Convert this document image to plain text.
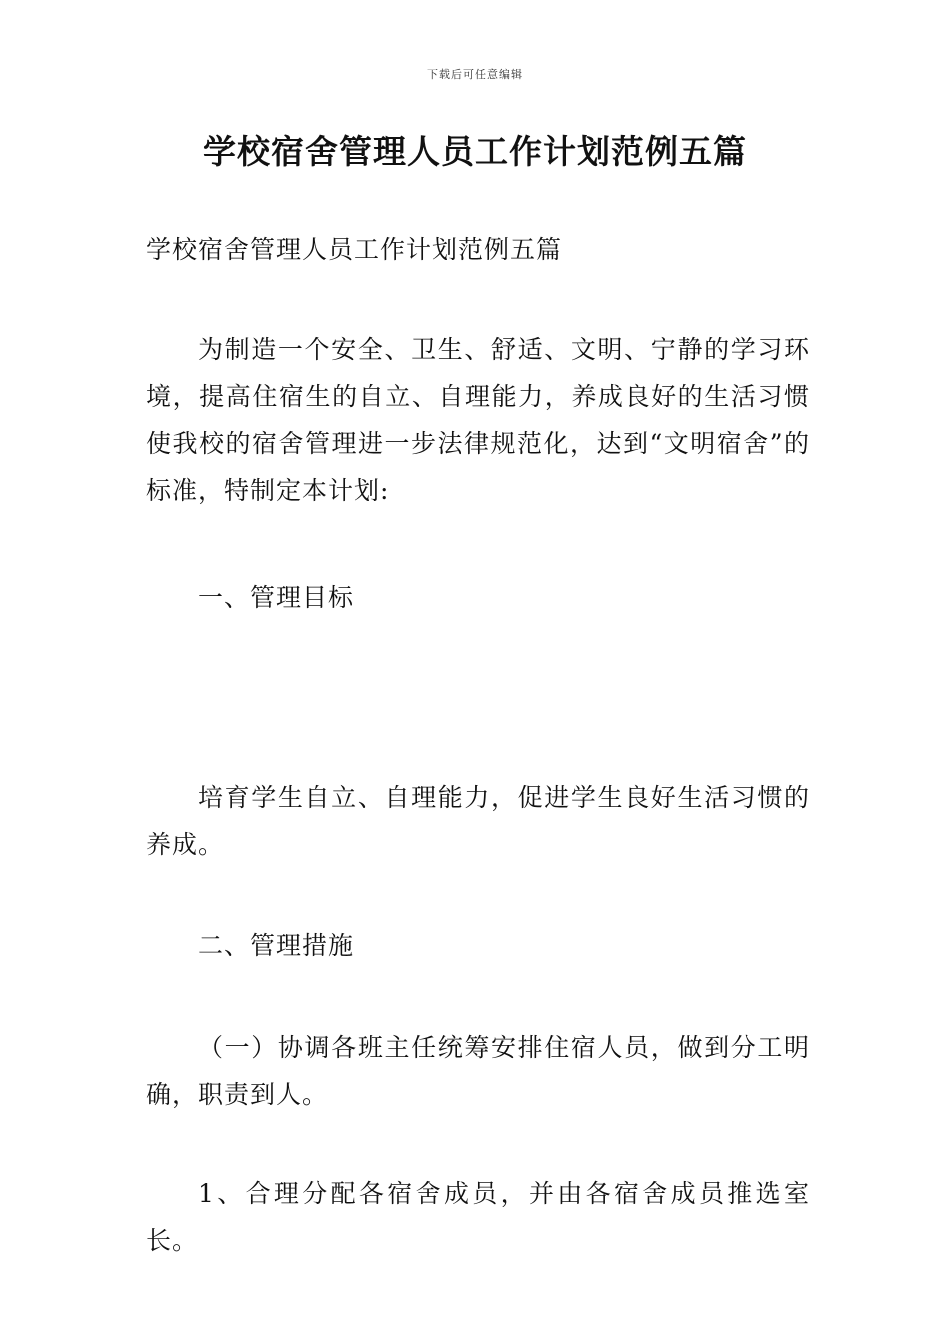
下载后可任意编辑
学校宿舍管理人员工作计划范例五篇

学校宿舍管理人员工作计划范例五篇

为制造一个安全、卫生、舒适、文明、宁静的学习环境，提高住宿生的自立、自理能力，养成良好的生活习惯使我校的宿舍管理进一步法律规范化，达到“文明宿舍”的标准，特制定本计划:

一、管理目标

培育学生自立、自理能力，促进学生良好生活习惯的养成。

二、管理措施

（一）协调各班主任统筹安排住宿人员，做到分工明确，职责到人。

1、合理分配各宿舍成员，并由各宿舍成员推选室长。
